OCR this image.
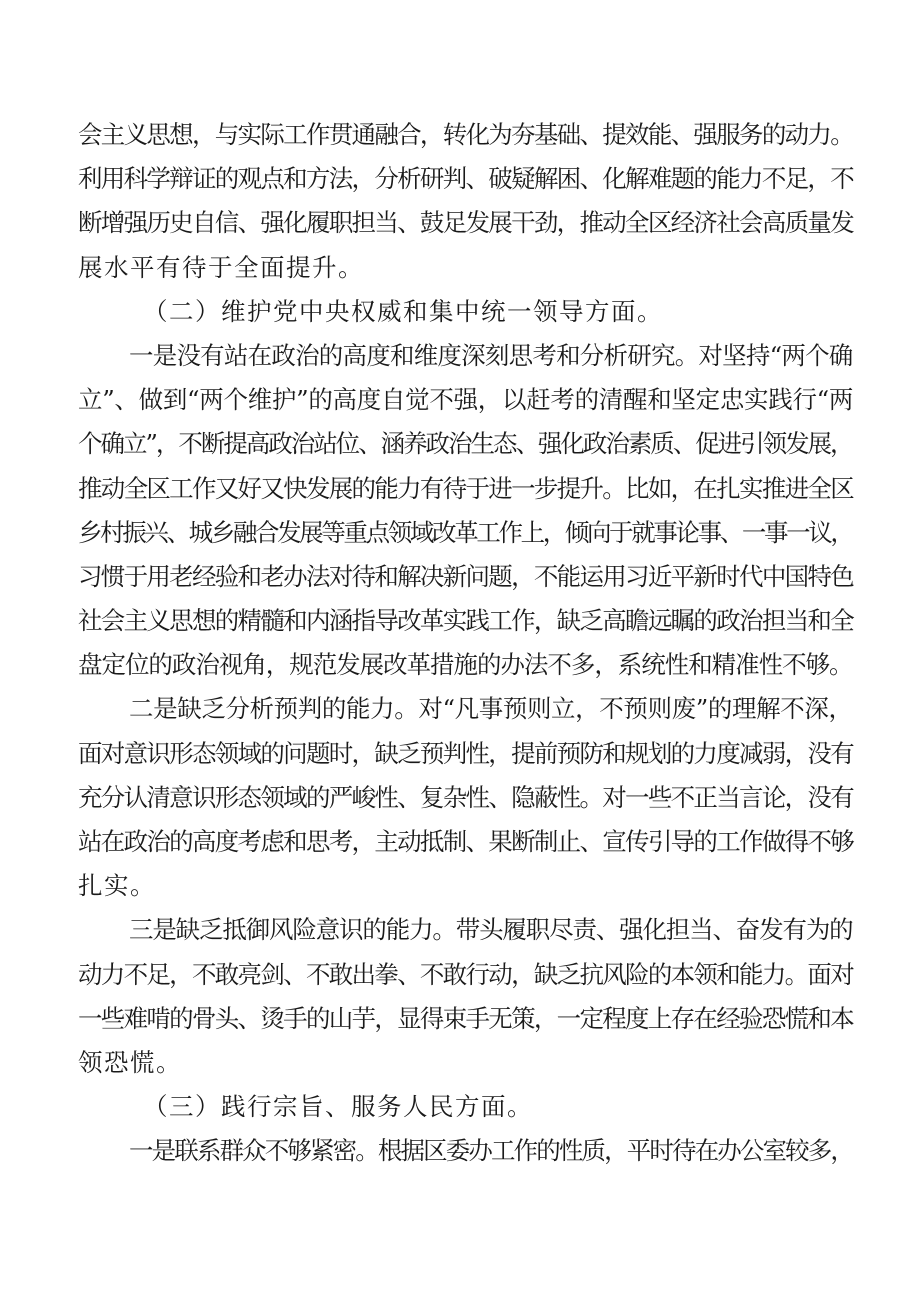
会主义思想，与实际工作贯通融合，转化为夯基础、提效能、强服务的动力。
利用科学辩证的观点和方法，分析研判、破疑解困、化解难题的能力不足，不
断增强历史自信、强化履职担当、鼓足发展干劲，推动全区经济社会高质量发
展水平有待于全面提升。
（二）维护党中央权威和集中统一领导方面。
一是没有站在政治的高度和维度深刻思考和分析研究。对坚持“两个确
立”、做到“两个维护”的高度自觉不强，以赶考的清醒和坚定忠实践行“两
个确立”，不断提高政治站位、涵养政治生态、强化政治素质、促进引领发展，
推动全区工作又好又快发展的能力有待于进一步提升。比如，在扎实推进全区
乡村振兴、城乡融合发展等重点领域改革工作上，倾向于就事论事、一事一议，
习惯于用老经验和老办法对待和解决新问题，不能运用习近平新时代中国特色
社会主义思想的精髓和内涵指导改革实践工作，缺乏高瞻远瞩的政治担当和全
盘定位的政治视角，规范发展改革措施的办法不多，系统性和精准性不够。
二是缺乏分析预判的能力。对“凡事预则立，不预则废”的理解不深，
面对意识形态领域的问题时，缺乏预判性，提前预防和规划的力度减弱，没有
充分认清意识形态领域的严峻性、复杂性、隐蔽性。对一些不正当言论，没有
站在政治的高度考虑和思考，主动抵制、果断制止、宣传引导的工作做得不够
扎实。
三是缺乏抵御风险意识的能力。带头履职尽责、强化担当、奋发有为的
动力不足，不敢亮剑、不敢出拳、不敢行动，缺乏抗风险的本领和能力。面对
一些难啃的骨头、烫手的山芋，显得束手无策，一定程度上存在经验恐慌和本
领恐慌。
（三）践行宗旨、服务人民方面。
一是联系群众不够紧密。根据区委办工作的性质，平时待在办公室较多，
